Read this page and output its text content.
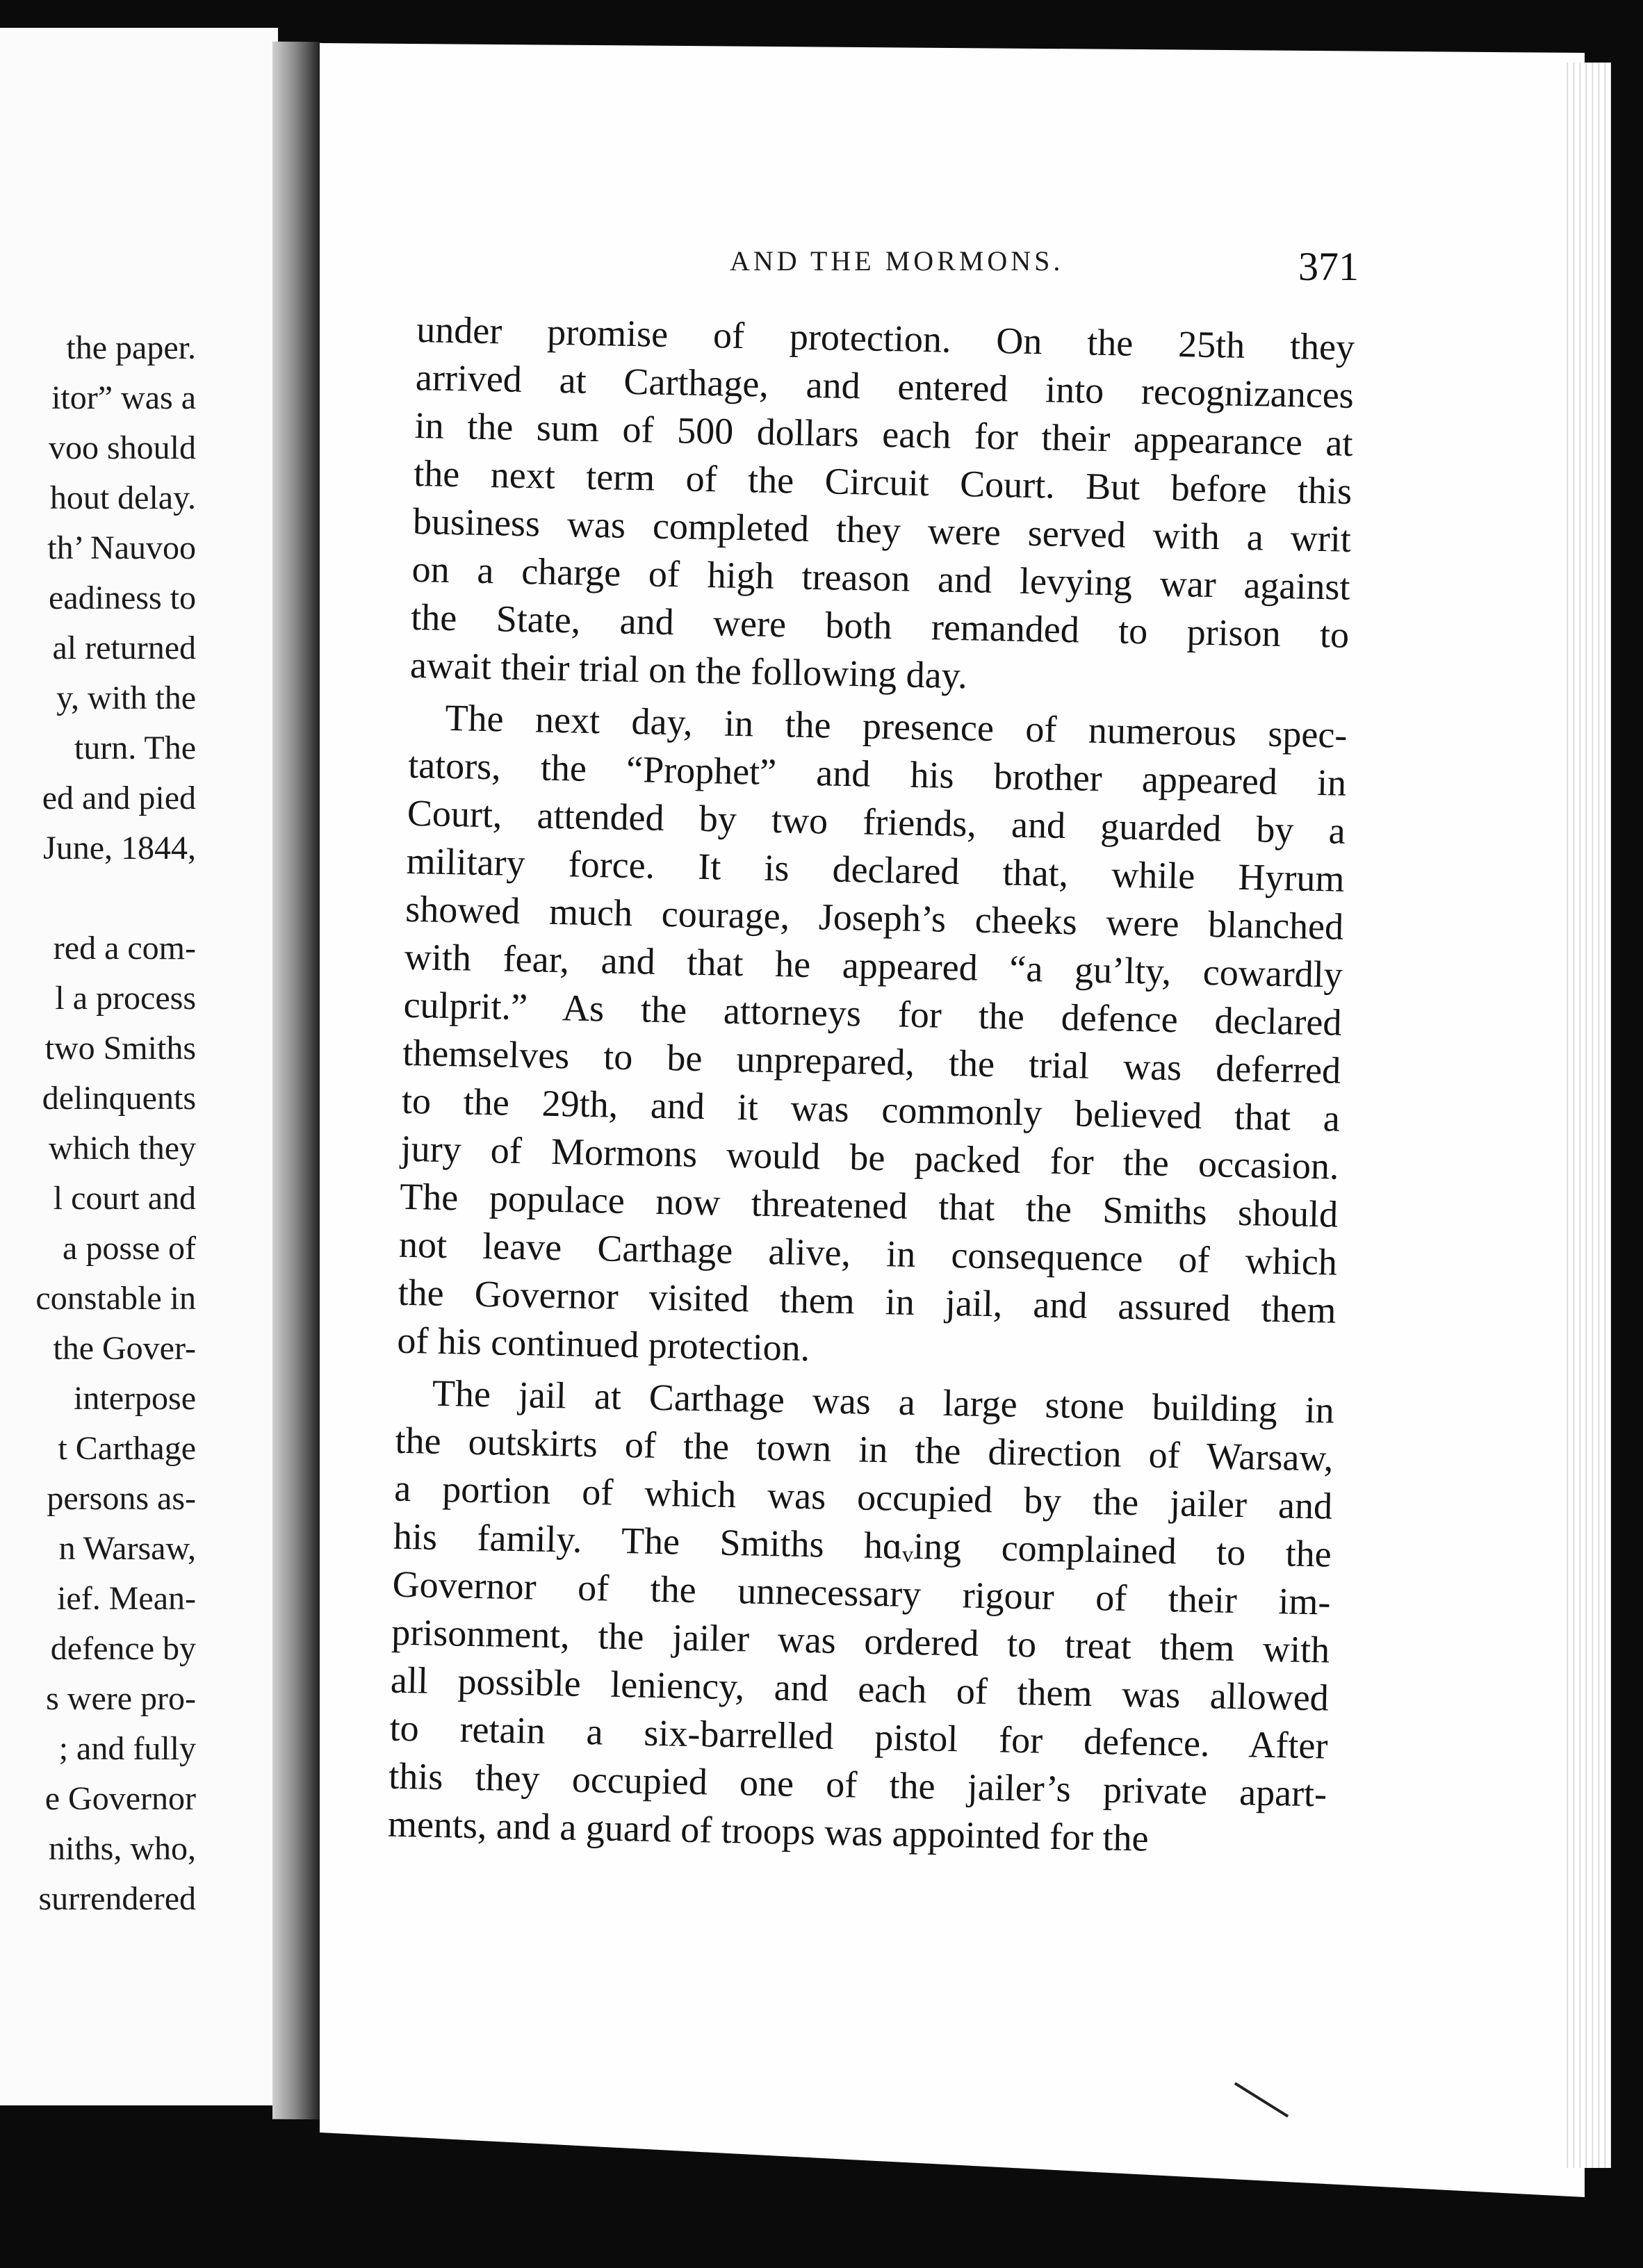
the paper.
itor” was a
voo should
hout delay.
th’ Nauvoo
eadiness to
al returned
y, with the
turn. The
ed and pied
June, 1844,
red a com-
l a process
two Smiths
delinquents
which they
l court and
a posse of
constable in
the Gover-
interpose
t Carthage
persons as-
n Warsaw,
ief. Mean-
defence by
s were pro-
; and fully
e Governor
niths, who,
surrendered
AND THE MORMONS.	371
under promise of protection. On the 25th they
arrived at Carthage, and entered into recognizances
in the sum of 500 dollars each for their appearance at
the next term of the Circuit Court. But before this
business was completed they were served with a writ
on a charge of high treason and levying war against
the State, and were both remanded to prison to
await their trial on the following day.
The next day, in the presence of numerous spec-
tators, the “Prophet” and his brother appeared in
Court, attended by two friends, and guarded by a
military force. It is declared that, while Hyrum
showed much courage, Joseph’s cheeks were blanched
with fear, and that he appeared “a gu’lty, cowardly
culprit.” As the attorneys for the defence declared
themselves to be unprepared, the trial was deferred
to the 29th, and it was commonly believed that a
jury of Mormons would be packed for the occasion.
The populace now threatened that the Smiths should
not leave Carthage alive, in consequence of which
the Governor visited them in jail, and assured them
of his continued protection.
The jail at Carthage was a large stone building in
the outskirts of the town in the direction of Warsaw,
a portion of which was occupied by the jailer and
his family. The Smiths hɑᵥing complained to the
Governor of the unnecessary rigour of their im-
prisonment, the jailer was ordered to treat them with
all possible leniency, and each of them was allowed
to retain a six-barrelled pistol for defence. After
this they occupied one of the jailer’s private apart-
ments, and a guard of troops was appointed for the
